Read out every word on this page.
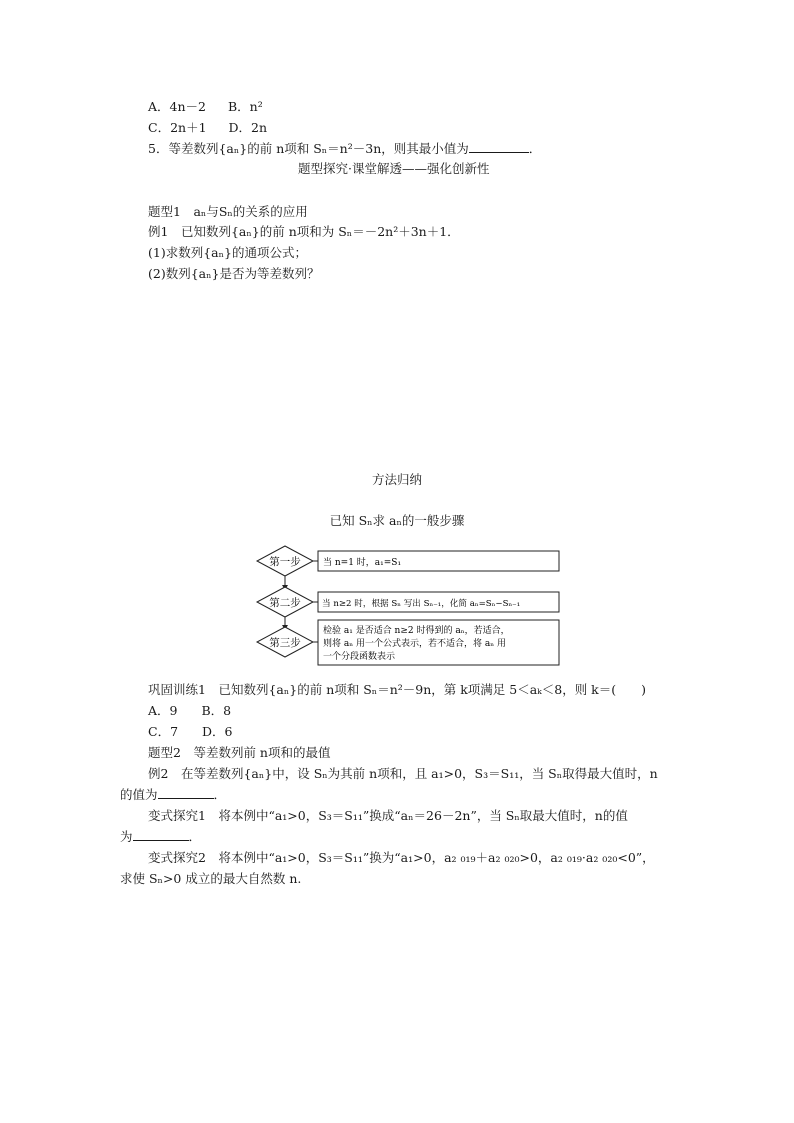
A．4n－2 B．n²
C．2n＋1 D．2n
5．等差数列{aₙ}的前 n项和 Sₙ＝n²－3n，则其最小值为	．
题型探究·课堂解透——强化创新性
题型1　aₙ与Sₙ的关系的应用
例1　已知数列{aₙ}的前 n项和为 Sₙ＝－2n²＋3n＋1．
(1)求数列{aₙ}的通项公式；
(2)数列{aₙ}是否为等差数列？
方法归纳
已知 Sₙ求 aₙ的一般步骤
第一步 当 n=1 时，a₁=S₁
第二步 当 n≥2 时，根据 Sₙ 写出 Sₙ₋₁，化简 aₙ=Sₙ−Sₙ₋₁
第三步
检验 a₁ 是否适合 n≥2 时得到的 aₙ，若适合，
则将 aₙ 用一个公式表示，若不适合，将 aₙ 用
一个分段函数表示
巩固训练1　已知数列{aₙ}的前 n项和 Sₙ＝n²－9n，第 k项满足 5＜aₖ＜8，则 k＝(　　)
A．9 B．8
C．7 D．6
题型2　等差数列前 n项和的最值
例2　在等差数列{aₙ}中，设 Sₙ为其前 n项和，且 a₁>0，S₃＝S₁₁，当 Sₙ取得最大值时，n
的值为	．
变式探究1　将本例中“a₁>0，S₃＝S₁₁”换成“aₙ＝26－2n”，当 Sₙ取最大值时，n的值
为	．
变式探究2　将本例中“a₁>0，S₃＝S₁₁”换为“a₁>0，a₂ ₀₁₉＋a₂ ₀₂₀>0，a₂ ₀₁₉·a₂ ₀₂₀<0”，
求使 Sₙ>0 成立的最大自然数 n.
